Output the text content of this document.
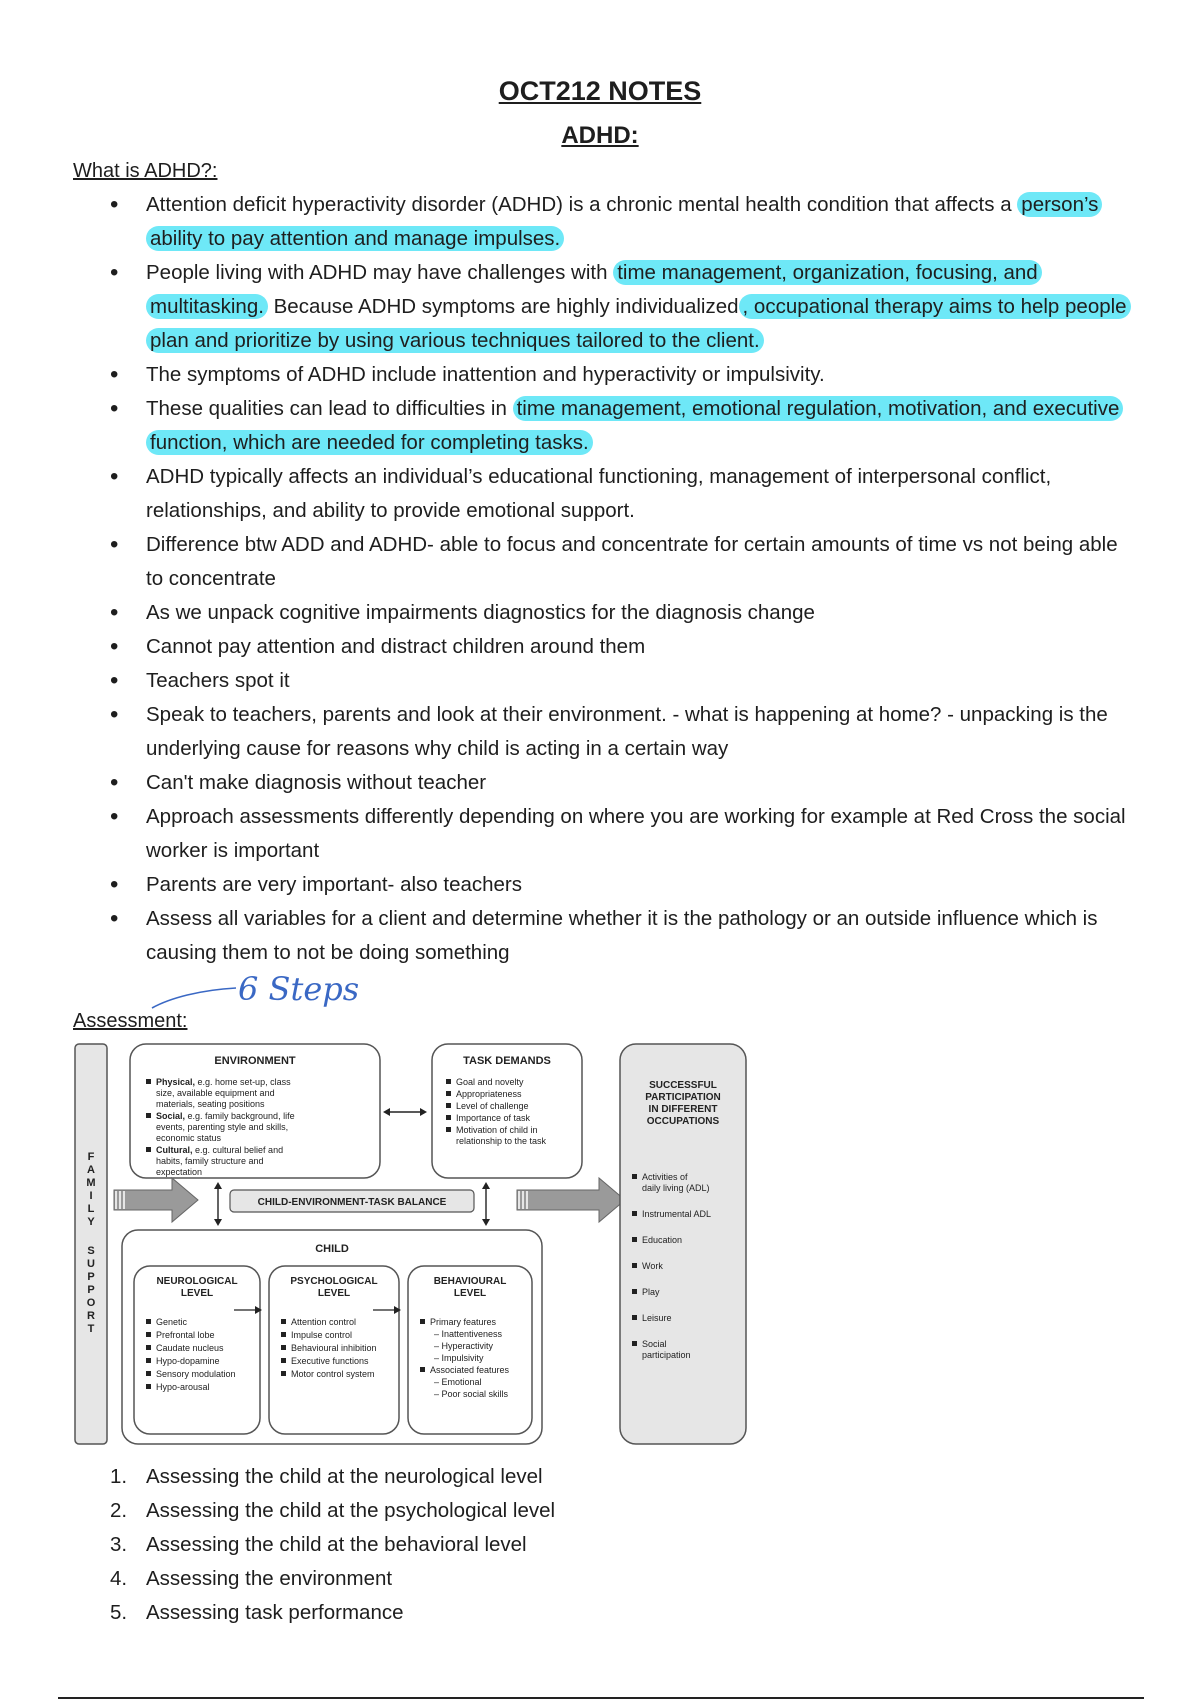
OCT212 NOTES
ADHD:
What is ADHD?:
• Attention deficit hyperactivity disorder (ADHD) is a chronic mental health condition that affects a person’s ability to pay attention and manage impulses.
• People living with ADHD may have challenges with time management, organization, focusing, and multitasking. Because ADHD symptoms are highly individualized , occupational therapy aims to help people plan and prioritize by using various techniques tailored to the client.
• The symptoms of ADHD include inattention and hyperactivity or impulsivity.
• These qualities can lead to difficulties in time management, emotional regulation, motivation, and executive function, which are needed for completing tasks.
• ADHD typically affects an individual’s educational functioning, management of interpersonal conflict, relationships, and ability to provide emotional support.
• Difference btw ADD and ADHD- able to focus and concentrate for certain amounts of time vs not being able to concentrate
• As we unpack cognitive impairments diagnostics for the diagnosis change
• Cannot pay attention and distract children around them
• Teachers spot it
• Speak to teachers, parents and look at their environment. - what is happening at home? - unpacking is the underlying cause for reasons why child is acting in a certain way
• Can't make diagnosis without teacher
• Approach assessments differently depending on where you are working for example at Red Cross the social worker is important
• Parents are very important- also teachers
• Assess all variables for a client and determine whether it is the pathology or an outside influence which is causing them to not be doing something
6 Steps
Assessment:
F
A
M
I
L
Y
S
U
P
P
O
R
T
ENVIRONMENT
Physical, e.g. home set-up, class
size, available equipment and
materials, seating positions
Social, e.g. family background, life
events, parenting style and skills,
economic status
Cultural, e.g. cultural belief and
habits, family structure and
expectation
TASK DEMANDS
Goal and novelty
Appropriateness
Level of challenge
Importance of task
Motivation of child in
relationship to the task
CHILD-ENVIRONMENT-TASK BALANCE
CHILD
NEUROLOGICAL
LEVEL
Genetic
Prefrontal lobe
Caudate nucleus
Hypo-dopamine
Sensory modulation
Hypo-arousal
PSYCHOLOGICAL
LEVEL
Attention control
Impulse control
Behavioural inhibition
Executive functions
Motor control system
BEHAVIOURAL
LEVEL
Primary features
– Inattentiveness
– Hyperactivity
– Impulsivity
Associated features
– Emotional
– Poor social skills
SUCCESSFUL
PARTICIPATION
IN DIFFERENT
OCCUPATIONS
Activities of
daily living (ADL)
Instrumental ADL
Education
Work
Play
Leisure
Social
participation
1. Assessing the child at the neurological level
2. Assessing the child at the psychological level
3. Assessing the child at the behavioral level
4. Assessing the environment
5. Assessing task performance
